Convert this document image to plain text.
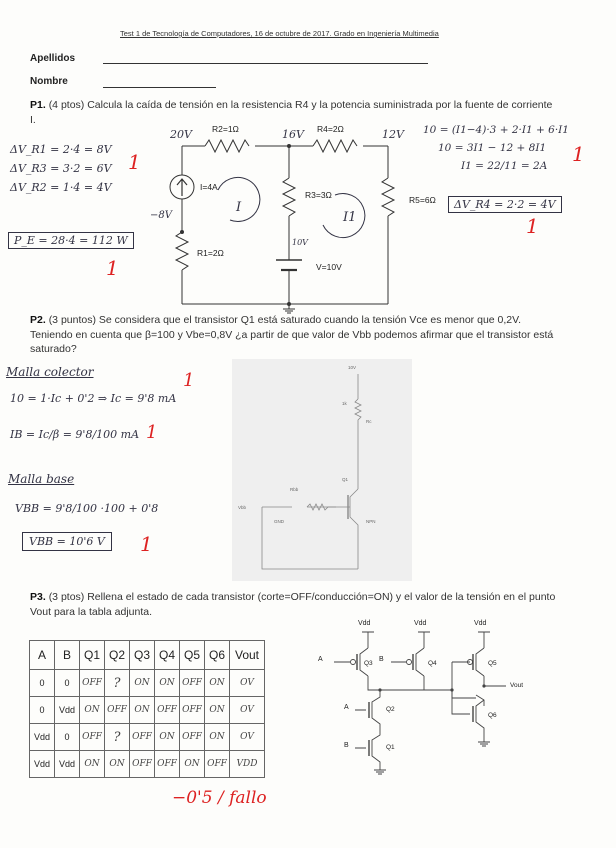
Test 1 de Tecnología de Computadores, 16 de octubre de 2017. Grado en Ingeniería Multimedia
Apellidos
Nombre
P1. (4 ptos) Calcula la caída de tensión en la resistencia R4 y la potencia suministrada por la fuente de corriente I.
ΔV_R1 = 2·4 = 8V
ΔV_R3 = 3·2 = 6V
ΔV_R2 = 1·4 = 4V
1
P_E = 28·4 = 112 W
1
10 = (I1−4)·3 + 2·I1 + 6·I1
10 = 3I1 − 12 + 8I1
I1 = 22/11 = 2A	1
ΔV_R4 = 2·2 = 4V
1
R2=1Ω	R4=2Ω
I=4A
R3=3Ω	R5=6Ω
R1=2Ω
V=10V
20V	16V	12V
−8V
10V
I
I1
P2. (3 puntos) Se considera que el transistor Q1 está saturado cuando la tensión Vce es menor que 0,2V. Teniendo en cuenta que β=100 y Vbe=0,8V ¿a partir de que valor de Vbb podemos afirmar que el transistor está saturado?
Malla colector
10 = 1·Ic + 0'2 ⇒ Ic = 9'8 mA
1
IB = Ic/β = 9'8/100 mA 1
Malla base
VBB = 9'8/100 ·100 + 0'8
VBB = 10'6 V	1
10V
1k
Rc
Q1
Rbb
Vbb
GND	NPN
P3. (3 ptos) Rellena el estado de cada transistor (corte=OFF/conducción=ON) y el valor de la tensión en el punto Vout para la tabla adjunta.
A	B	Q1	Q2	Q3	Q4	Q5	Q6	Vout
0	0	OFF	?	ON	ON	OFF	ON	OV
0	Vdd	ON	OFF	ON	OFF	OFF	ON	OV
Vdd	0	OFF	?	OFF	ON	OFF	ON	OV
Vdd	Vdd	ON	ON	OFF	OFF	ON	OFF	VDD
−0'5 / fallo
Vdd	Vdd	Vdd
A	B
A
B
Q3	Q4	Q5
Q2
Q6
Q1
Vout
